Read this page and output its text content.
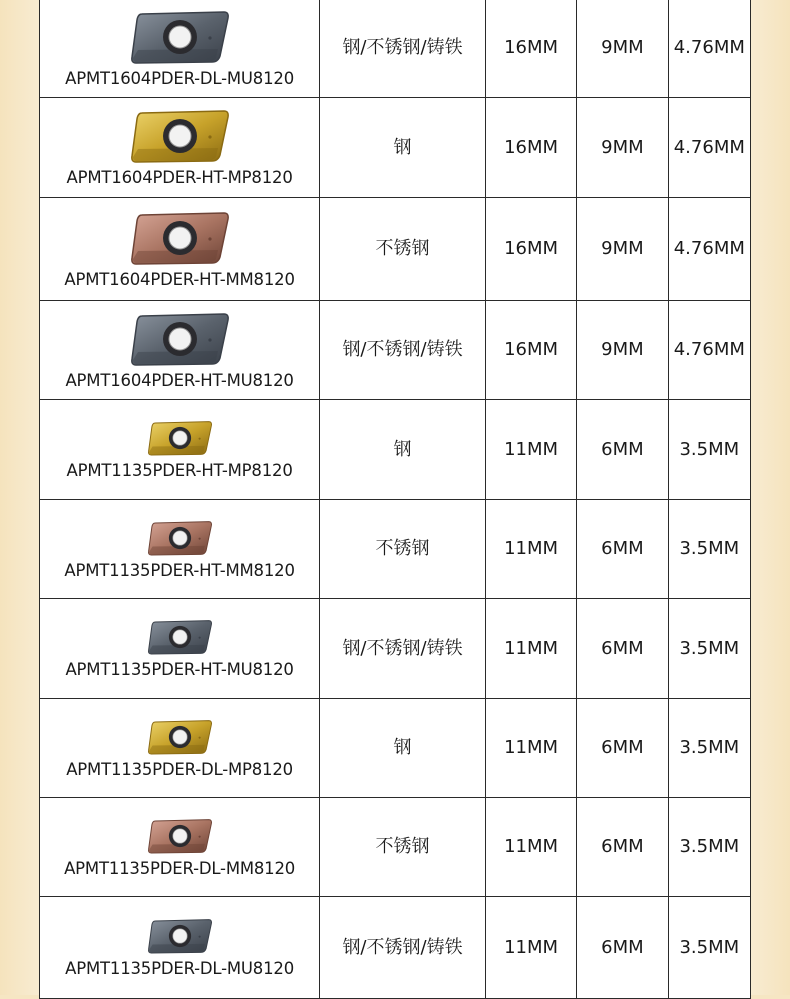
APMT1604PDER-DL-MU8120	钢/不锈钢/铸铁	16MM	9MM	4.76MM

APMT1604PDER-HT-MP8120	钢	16MM	9MM	4.76MM

APMT1604PDER-HT-MM8120	不锈钢	16MM	9MM	4.76MM

APMT1604PDER-HT-MU8120	钢/不锈钢/铸铁	16MM	9MM	4.76MM

APMT1135PDER-HT-MP8120	钢	11MM	6MM	3.5MM

APMT1135PDER-HT-MM8120	不锈钢	11MM	6MM	3.5MM

APMT1135PDER-HT-MU8120	钢/不锈钢/铸铁	11MM	6MM	3.5MM

APMT1135PDER-DL-MP8120	钢	11MM	6MM	3.5MM

APMT1135PDER-DL-MM8120	不锈钢	11MM	6MM	3.5MM

APMT1135PDER-DL-MU8120	钢/不锈钢/铸铁	11MM	6MM	3.5MM
